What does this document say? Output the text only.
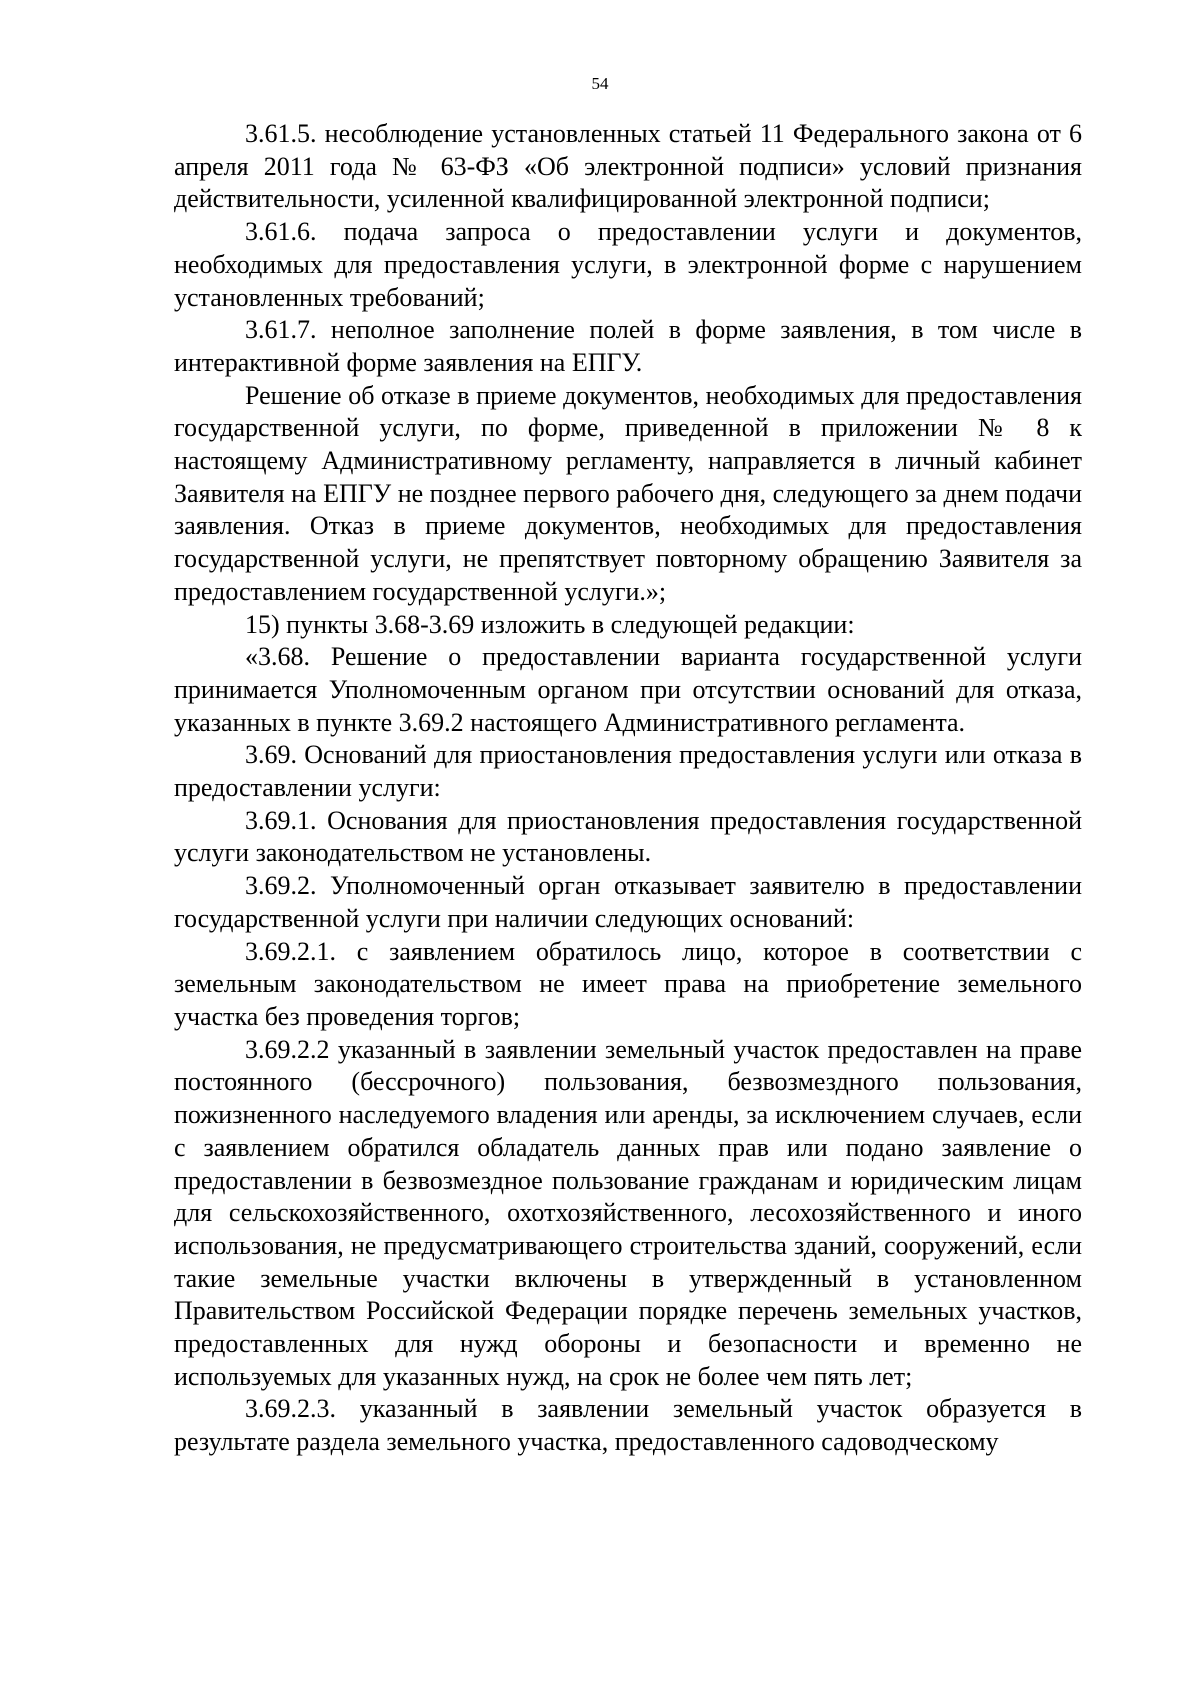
54

3.61.5. несоблюдение установленных статьей 11 Федерального закона от 6 апреля 2011 года № 63-ФЗ «Об электронной подписи» условий признания действительности, усиленной квалифицированной электронной подписи;

3.61.6. подача запроса о предоставлении услуги и документов, необходимых для предоставления услуги, в электронной форме с нарушением установленных требований;

3.61.7. неполное заполнение полей в форме заявления, в том числе в интерактивной форме заявления на ЕПГУ.

Решение об отказе в приеме документов, необходимых для предоставления государственной услуги, по форме, приведенной в приложении № 8 к настоящему Административному регламенту, направляется в личный кабинет Заявителя на ЕПГУ не позднее первого рабочего дня, следующего за днем подачи заявления. Отказ в приеме документов, необходимых для предоставления государственной услуги, не препятствует повторному обращению Заявителя за предоставлением государственной услуги.»;

15) пункты 3.68-3.69 изложить в следующей редакции:

«3.68. Решение о предоставлении варианта государственной услуги принимается Уполномоченным органом при отсутствии оснований для отказа, указанных в пункте 3.69.2 настоящего Административного регламента.

3.69. Оснований для приостановления предоставления услуги или отказа в предоставлении услуги:

3.69.1. Основания для приостановления предоставления государственной услуги законодательством не установлены.

3.69.2. Уполномоченный орган отказывает заявителю в предоставлении государственной услуги при наличии следующих оснований:

3.69.2.1. с заявлением обратилось лицо, которое в соответствии с земельным законодательством не имеет права на приобретение земельного участка без проведения торгов;

3.69.2.2 указанный в заявлении земельный участок предоставлен на праве постоянного (бессрочного) пользования, безвозмездного пользования, пожизненного наследуемого владения или аренды, за исключением случаев, если с заявлением обратился обладатель данных прав или подано заявление о предоставлении в безвозмездное пользование гражданам и юридическим лицам для сельскохозяйственного, охотхозяйственного, лесохозяйственного и иного использования, не предусматривающего строительства зданий, сооружений, если такие земельные участки включены в утвержденный в установленном Правительством Российской Федерации порядке перечень земельных участков, предоставленных для нужд обороны и безопасности и временно не используемых для указанных нужд, на срок не более чем пять лет;

3.69.2.3. указанный в заявлении земельный участок образуется в результате раздела земельного участка, предоставленного садоводческому
